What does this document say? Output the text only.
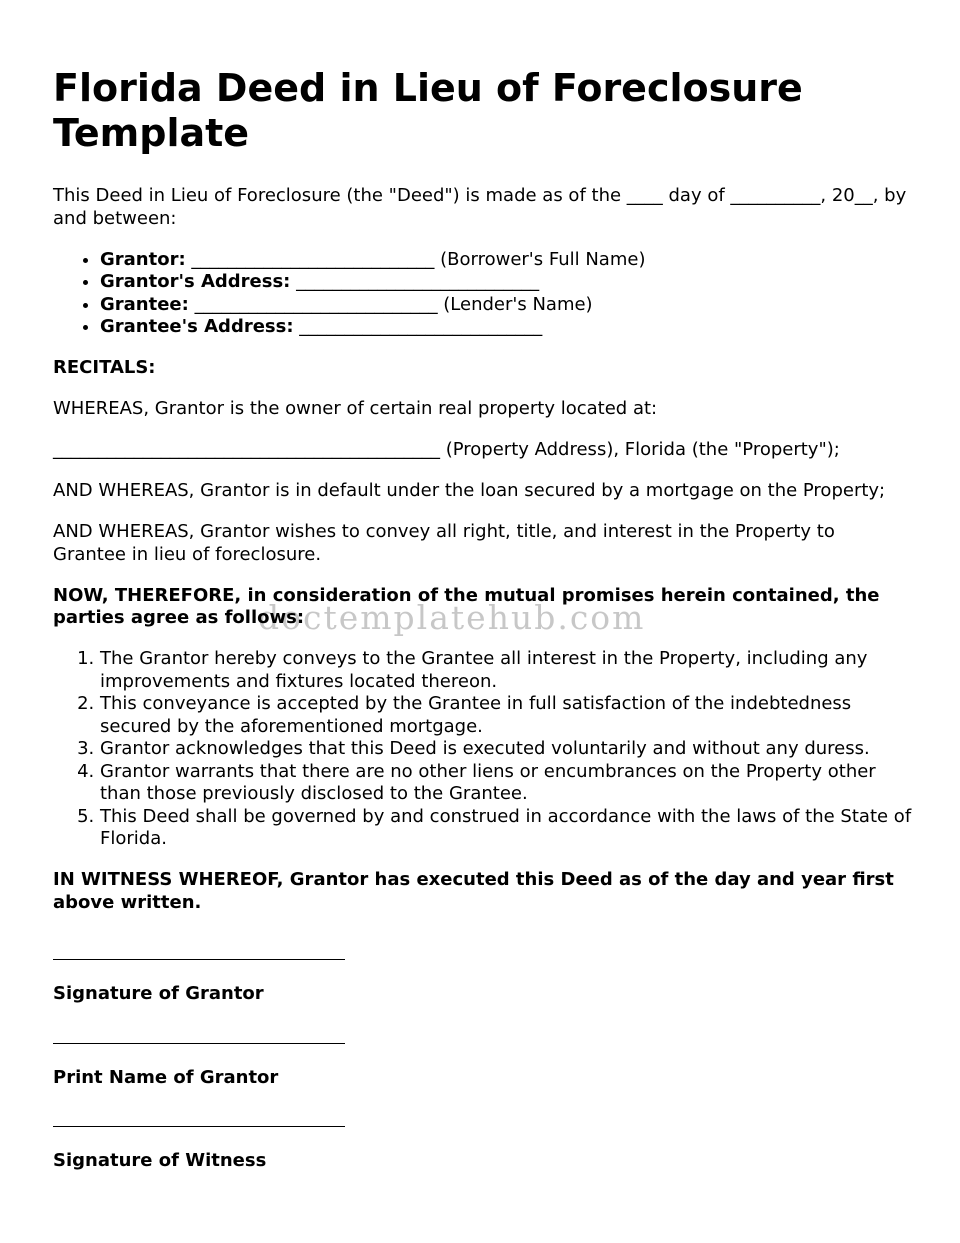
Florida Deed in Lieu of Foreclosure Template

This Deed in Lieu of Foreclosure (the "Deed") is made as of the ____ day of __________, 20__, by and between:

• Grantor: ___________________________ (Borrower's Full Name)
• Grantor's Address: ___________________________
• Grantee: ___________________________ (Lender's Name)
• Grantee's Address: ___________________________

RECITALS:

WHEREAS, Grantor is the owner of certain real property located at:

___________________________________________ (Property Address), Florida (the "Property");

AND WHEREAS, Grantor is in default under the loan secured by a mortgage on the Property;

AND WHEREAS, Grantor wishes to convey all right, title, and interest in the Property to Grantee in lieu of foreclosure.

NOW, THEREFORE, in consideration of the mutual promises herein contained, the parties agree as follows:

1. The Grantor hereby conveys to the Grantee all interest in the Property, including any improvements and fixtures located thereon.
2. This conveyance is accepted by the Grantee in full satisfaction of the indebtedness secured by the aforementioned mortgage.
3. Grantor acknowledges that this Deed is executed voluntarily and without any duress.
4. Grantor warrants that there are no other liens or encumbrances on the Property other than those previously disclosed to the Grantee.
5. This Deed shall be governed by and construed in accordance with the laws of the State of Florida.

IN WITNESS WHEREOF, Grantor has executed this Deed as of the day and year first above written.

Signature of Grantor
Print Name of Grantor
Signature of Witness
doctemplatehub.com
